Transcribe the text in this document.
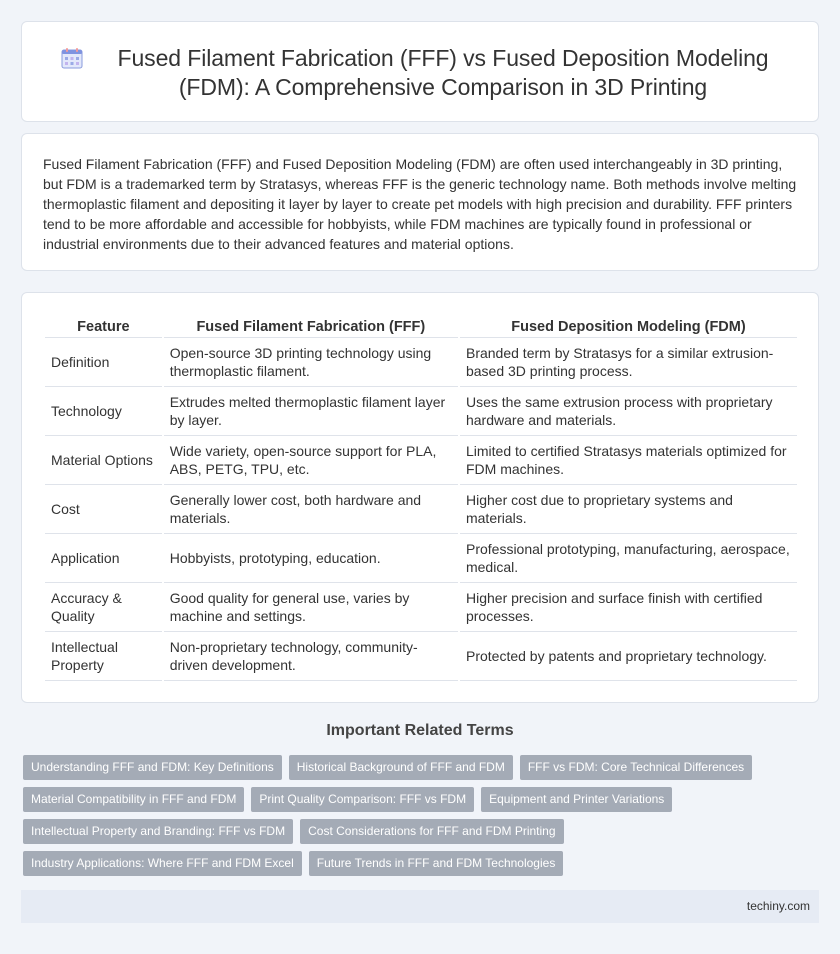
Fused Filament Fabrication (FFF) vs Fused Deposition Modeling (FDM): A Comprehensive Comparison in 3D Printing

Fused Filament Fabrication (FFF) and Fused Deposition Modeling (FDM) are often used interchangeably in 3D printing, but FDM is a trademarked term by Stratasys, whereas FFF is the generic technology name. Both methods involve melting thermoplastic filament and depositing it layer by layer to create pet models with high precision and durability. FFF printers tend to be more affordable and accessible for hobbyists, while FDM machines are typically found in professional or industrial environments due to their advanced features and material options.

Feature	Fused Filament Fabrication (FFF)	Fused Deposition Modeling (FDM)
Definition	Open-source 3D printing technology using thermoplastic filament.	Branded term by Stratasys for a similar extrusion-based 3D printing process.
Technology	Extrudes melted thermoplastic filament layer by layer.	Uses the same extrusion process with proprietary hardware and materials.
Material Options	Wide variety, open-source support for PLA, ABS, PETG, TPU, etc.	Limited to certified Stratasys materials optimized for FDM machines.
Cost	Generally lower cost, both hardware and materials.	Higher cost due to proprietary systems and materials.
Application	Hobbyists, prototyping, education.	Professional prototyping, manufacturing, aerospace, medical.
Accuracy & Quality	Good quality for general use, varies by machine and settings.	Higher precision and surface finish with certified processes.
Intellectual Property	Non-proprietary technology, community-driven development.	Protected by patents and proprietary technology.
Important Related Terms
Understanding FFF and FDM: Key Definitions	Historical Background of FFF and FDM	FFF vs FDM: Core Technical Differences
Material Compatibility in FFF and FDM	Print Quality Comparison: FFF vs FDM	Equipment and Printer Variations
Intellectual Property and Branding: FFF vs FDM	Cost Considerations for FFF and FDM Printing
Industry Applications: Where FFF and FDM Excel	Future Trends in FFF and FDM Technologies
techiny.com
